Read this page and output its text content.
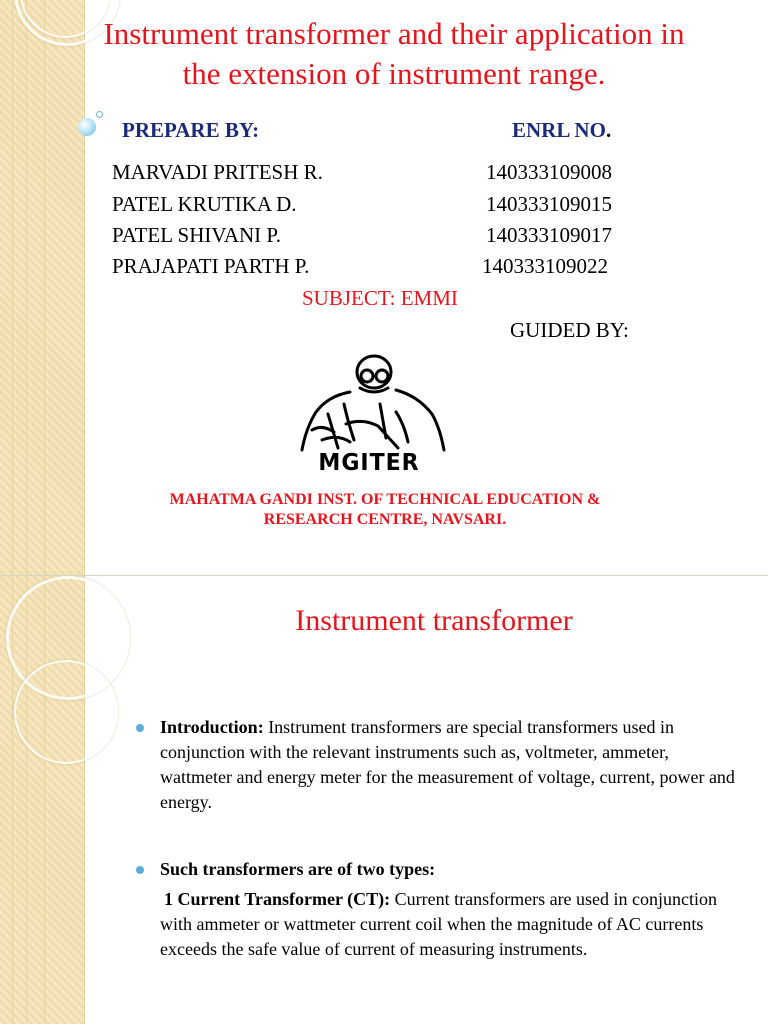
Instrument transformer and their application in the extension of instrument range.
PREPARE BY:	ENRL NO.
MARVADI PRITESH R.	140333109008
PATEL KRUTIKA D.	140333109015
PATEL SHIVANI P.	140333109017
PRAJAPATI PARTH P.	140333109022
SUBJECT: EMMI
GUIDED BY:
MGITER
MAHATMA GANDI INST. OF TECHNICAL EDUCATION &
RESEARCH CENTRE, NAVSARI.
Instrument transformer
Introduction: Instrument transformers are special transformers used in conjunction with the relevant instruments such as, voltmeter, ammeter, wattmeter and energy meter for the measurement of voltage, current, power and energy.
Such transformers are of two types:
1 Current Transformer (CT): Current transformers are used in conjunction with ammeter or wattmeter current coil when the magnitude of AC currents exceeds the safe value of current of measuring instruments.
